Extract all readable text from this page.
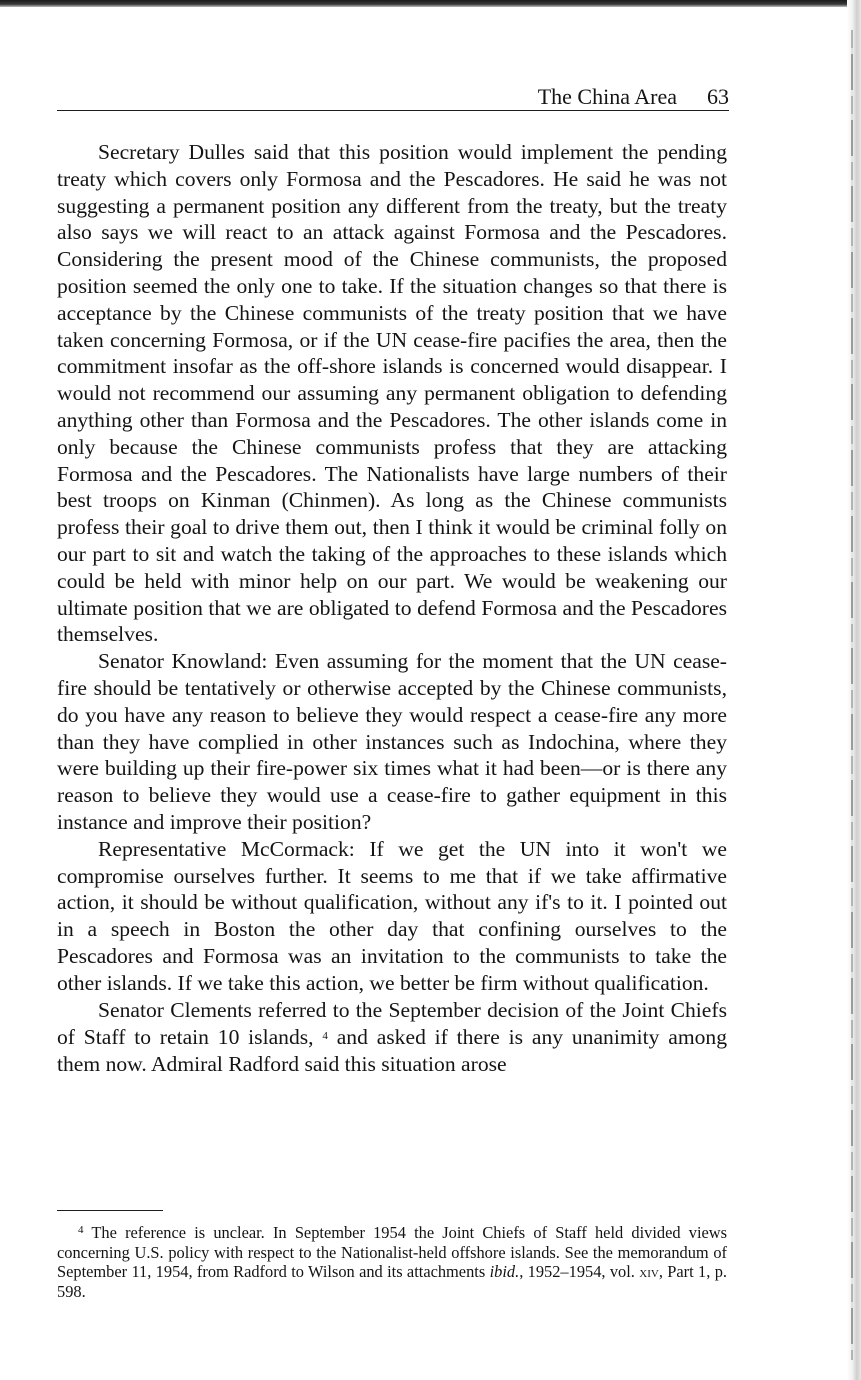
The China Area 63

Secretary Dulles said that this position would implement the pending treaty which covers only Formosa and the Pescadores. He said he was not suggesting a permanent position any different from the treaty, but the treaty also says we will react to an attack against Formosa and the Pescadores. Considering the present mood of the Chinese communists, the proposed position seemed the only one to take. If the situation changes so that there is acceptance by the Chinese communists of the treaty position that we have taken concerning Formosa, or if the UN cease-fire pacifies the area, then the commitment insofar as the off-shore islands is concerned would disappear. I would not recommend our assuming any permanent obligation to defending anything other than Formosa and the Pescadores. The other islands come in only because the Chinese communists profess that they are attacking Formosa and the Pescadores. The Nationalists have large numbers of their best troops on Kinman (Chinmen). As long as the Chinese communists profess their goal to drive them out, then I think it would be criminal folly on our part to sit and watch the taking of the approaches to these islands which could be held with minor help on our part. We would be weakening our ultimate position that we are obligated to defend Formosa and the Pescadores themselves.

Senator Knowland: Even assuming for the moment that the UN cease-fire should be tentatively or otherwise accepted by the Chinese communists, do you have any reason to believe they would respect a cease-fire any more than they have complied in other instances such as Indochina, where they were building up their fire-power six times what it had been—or is there any reason to believe they would use a cease-fire to gather equipment in this instance and improve their position?

Representative McCormack: If we get the UN into it won't we compromise ourselves further. It seems to me that if we take affirmative action, it should be without qualification, without any if's to it. I pointed out in a speech in Boston the other day that confining ourselves to the Pescadores and Formosa was an invitation to the communists to take the other islands. If we take this action, we better be firm without qualification.

Senator Clements referred to the September decision of the Joint Chiefs of Staff to retain 10 islands, $^4$ and asked if there is any unanimity among them now. Admiral Radford said this situation arose

$^4$ The reference is unclear. In September 1954 the Joint Chiefs of Staff held divided views concerning U.S. policy with respect to the Nationalist-held offshore islands. See the memorandum of September 11, 1954, from Radford to Wilson and its attachments ibid., 1952–1954, vol. xiv, Part 1, p. 598.
